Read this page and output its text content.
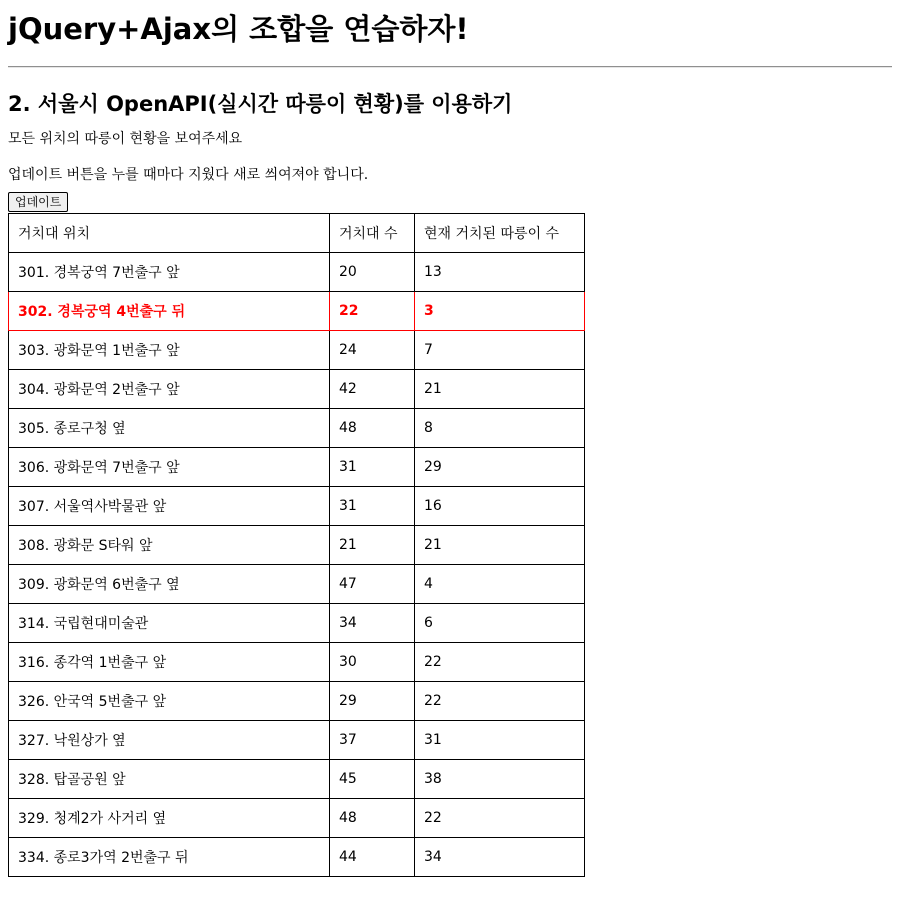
jQuery+Ajax의 조합을 연습하자!
2. 서울시 OpenAPI(실시간 따릉이 현황)를 이용하기

모든 위치의 따릉이 현황을 보여주세요

업데이트 버튼을 누를 때마다 지웠다 새로 씌여져야 합니다.

업데이트
거치대 위치	거치대 수	현재 거치된 따릉이 수
301. 경복궁역 7번출구 앞	20	13
302. 경복궁역 4번출구 뒤	22	3
303. 광화문역 1번출구 앞	24	7
304. 광화문역 2번출구 앞	42	21
305. 종로구청 옆	48	8
306. 광화문역 7번출구 앞	31	29
307. 서울역사박물관 앞	31	16
308. 광화문 S타워 앞	21	21
309. 광화문역 6번출구 옆	47	4
314. 국립현대미술관	34	6
316. 종각역 1번출구 앞	30	22
326. 안국역 5번출구 앞	29	22
327. 낙원상가 옆	37	31
328. 탑골공원 앞	45	38
329. 청계2가 사거리 옆	48	22
334. 종로3가역 2번출구 뒤	44	34
